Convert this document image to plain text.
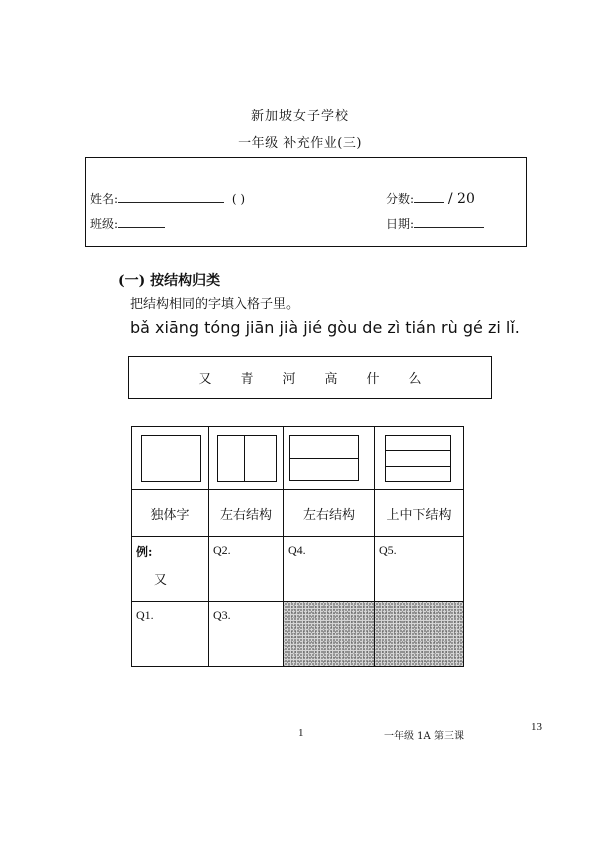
新加坡女子学校
一年级 补充作业(三)
姓名:	( )
班级:
分数: / 20
日期:
(一) 按结构归类
把结构相同的字填入格子里。
bǎ xiāng tóng jiān jià jié gòu de zì tián rù gé zi lǐ.
又 青 河 高 什 么

独体字	左右结构	左右结构	上中下结构

例:
又	Q2.	Q4.	Q5.

Q1.	Q3.		

1	一年级 1A 第三课
13
